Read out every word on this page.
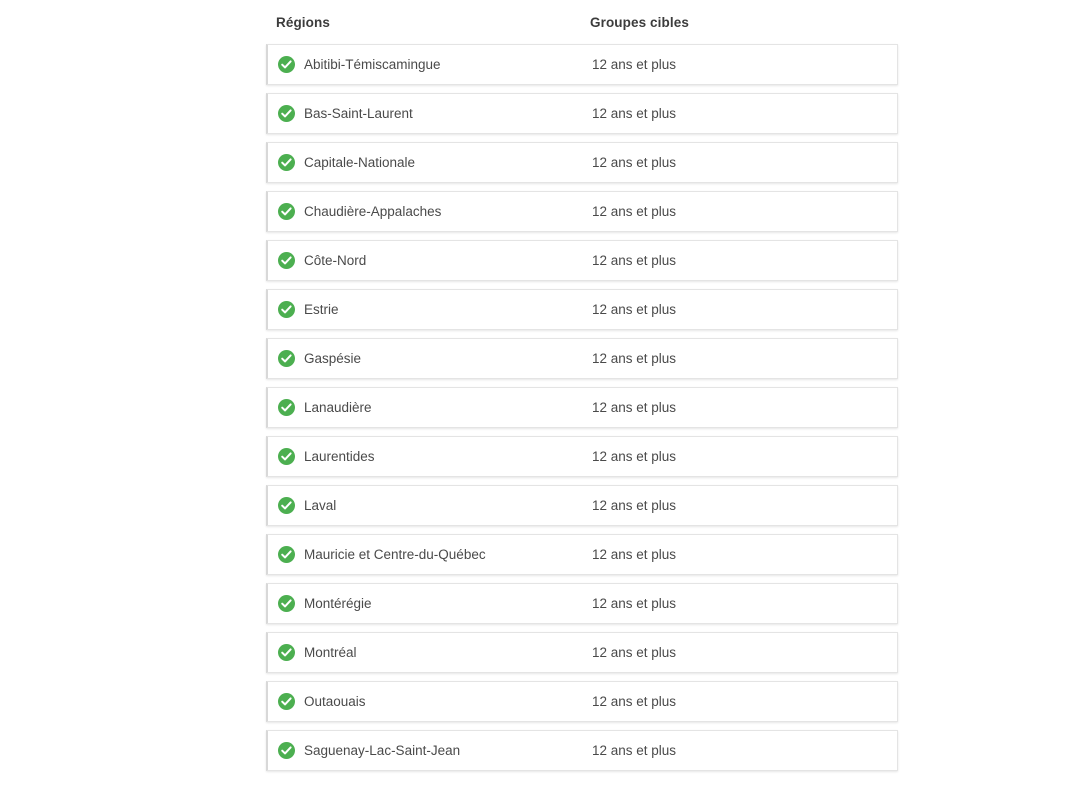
Régions	Groupes cibles
Abitibi-Témiscamingue	12 ans et plus
Bas-Saint-Laurent	12 ans et plus
Capitale-Nationale	12 ans et plus
Chaudière-Appalaches	12 ans et plus
Côte-Nord	12 ans et plus
Estrie	12 ans et plus
Gaspésie	12 ans et plus
Lanaudière	12 ans et plus
Laurentides	12 ans et plus
Laval	12 ans et plus
Mauricie et Centre-du-Québec	12 ans et plus
Montérégie	12 ans et plus
Montréal	12 ans et plus
Outaouais	12 ans et plus
Saguenay-Lac-Saint-Jean	12 ans et plus
